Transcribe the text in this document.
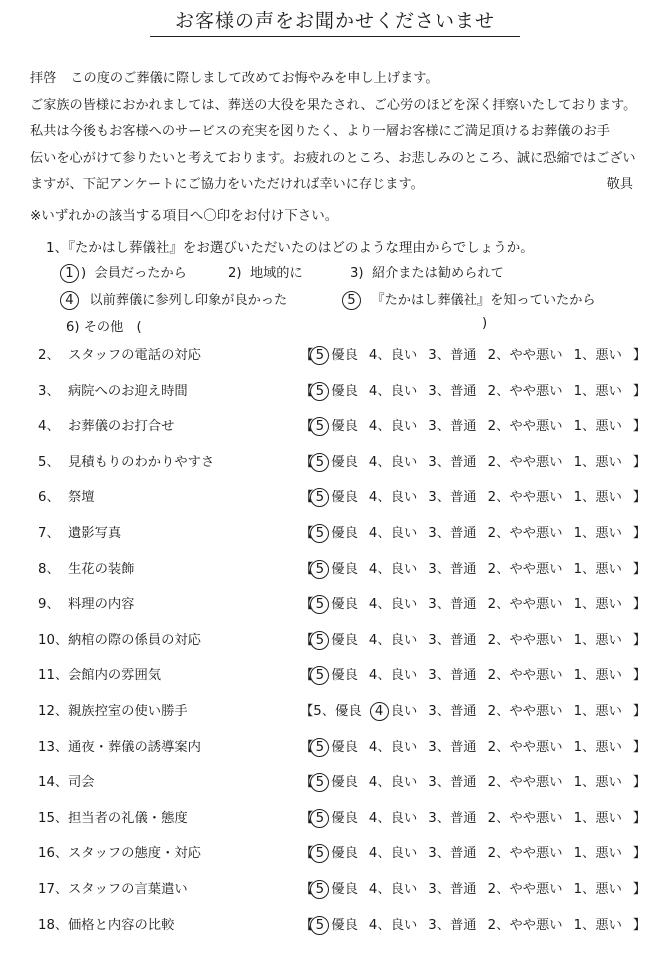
お客様の声をお聞かせくださいませ
拝啓 この度のご葬儀に際しまして改めてお悔やみを申し上げます。
ご家族の皆様におかれましては、葬送の大役を果たされ、ご心労のほどを深く拝察いたしております。
私共は今後もお客様へのサービスの充実を図りたく、より一層お客様にご満足頂けるお葬儀のお手
伝いを心がけて参りたいと考えております。お疲れのところ、お悲しみのところ、誠に恐縮ではござい
ますが、下記アンケートにご協力をいただければ幸いに存じます。	敬具
※いずれかの該当する項目へ〇印をお付け下さい。
1、『たかはし葬儀社』をお選びいただいたのはどのような理由からでしょうか。
1 ) 会員だったから	2) 地域的に	3) 紹介または勧められて
4 以前葬儀に参列し印象が良かった	5 『たかはし葬儀社』を知っていたから
6) その他　(	)
2、 スタッフの電話の対応	【 5 優良 4、良い 3、普通 2、やや悪い 1、悪い 】
3、 病院へのお迎え時間	【 5 優良 4、良い 3、普通 2、やや悪い 1、悪い 】
4、 お葬儀のお打合せ	【 5 優良 4、良い 3、普通 2、やや悪い 1、悪い 】
5、 見積もりのわかりやすさ	【 5 優良 4、良い 3、普通 2、やや悪い 1、悪い 】
6、 祭壇	【 5 優良 4、良い 3、普通 2、やや悪い 1、悪い 】
7、 遺影写真	【 5 優良 4、良い 3、普通 2、やや悪い 1、悪い 】
8、 生花の装飾	【 5 優良 4、良い 3、普通 2、やや悪い 1、悪い 】
9、 料理の内容	【 5 優良 4、良い 3、普通 2、やや悪い 1、悪い 】
10、 納棺の際の係員の対応	【 5 優良 4、良い 3、普通 2、やや悪い 1、悪い 】
11、 会館内の雰囲気	【 5 優良 4、良い 3、普通 2、やや悪い 1、悪い 】
12、 親族控室の使い勝手	【5、優良 4 良い 3、普通 2、やや悪い 1、悪い 】
13、 通夜・葬儀の誘導案内	【 5 優良 4、良い 3、普通 2、やや悪い 1、悪い 】
14、 司会	【 5 優良 4、良い 3、普通 2、やや悪い 1、悪い 】
15、 担当者の礼儀・態度	【 5 優良 4、良い 3、普通 2、やや悪い 1、悪い 】
16、 スタッフの態度・対応	【 5 優良 4、良い 3、普通 2、やや悪い 1、悪い 】
17、 スタッフの言葉遣い	【 5 優良 4、良い 3、普通 2、やや悪い 1、悪い 】
18、 価格と内容の比較	【 5 優良 4、良い 3、普通 2、やや悪い 1、悪い 】
